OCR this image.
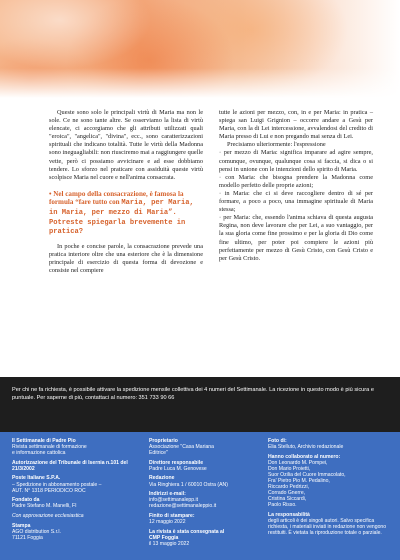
Queste sono solo le principali virtù di Maria ma non le sole. Ce ne sono tante altre. Se osserviamo la lista di virtù elencate, ci accorgiamo che gli attributi utilizzati quali "eroica", "angelica", "divina", ecc., sono caratterizzazioni spirituali che indicano totalità. Tutte le virtù della Madonna sono ineguagliabili: non riusciremo mai a raggiungere quelle vette, però ci possiamo avvicinare e ad esse dobbiamo tendere. Lo sforzo nel praticare con assiduità queste virtù scolpisce Maria nel cuore e nell'anima consacrata.

• Nel campo della consacrazione, è famosa la formula “fare tutto con Maria, per Maria, in Maria, per mezzo di Maria”. Potreste spiegarla brevemente in pratica?

In poche e concise parole, la consacrazione prevede una pratica interiore oltre che una esteriore che è la dimensione principale di esercizio di questa forma di devozione e consiste nel compiere

tutte le azioni per mezzo, con, in e per Maria: in pratica – spiega san Luigi Grignion – occorre andare a Gesù per Maria, con la di Lei intercessione, avvalendosi del credito di Maria presso di Lui e non pregando mai senza di Lei.

Precisiamo ulteriormente: l'espressione

· per mezzo di Maria: significa imparare ad agire sempre, comunque, ovunque, qualunque cosa si faccia, si dica o si pensi in unione con le intenzioni dello spirito di Maria.

· con Maria: che bisogna prendere la Madonna come modello perfetto delle proprie azioni;

· in Maria: che ci si deve raccogliere dentro di sé per formare, a poco a poco, una immagine spirituale di Maria stessa;

· per Maria: che, essendo l'anima schiava di questa augusta Regina, non deve lavorare che per Lei, a suo vantaggio, per la sua gloria come fine prossimo e per la gloria di Dio come fine ultimo, per poter poi compiere le azioni più perfettamente per mezzo di Gesù Cristo, con Gesù Cristo e per Gesù Cristo.

Per chi ne fa richiesta, è possibile attivare la spedizione mensile collettiva dei 4 numeri del Settimanale. La ricezione in questo modo è più sicura e puntuale. Per saperne di più, contattaci al numero: 351 733 90 66
Il Settimanale di Padre Pio
Rivista settimanale di formazione
e informazione cattolica
Autorizzazione del Tribunale di Isernia n.101 del 21/3/2002
Poste Italiane S.P.A.
– Spedizione in abbonamento postale –
AUT. N° 1318 PERIODICO ROC
Fondato da
Padre Stefano M. Manelli, FI
Con approvazione ecclesiastica
Stampa
AGO distribution S.r.l.
71121 Foggia
Proprietario
Associazione "Casa Mariana Editrice"
Direttore responsabile
Padre Luca M. Genovese
Redazione
Via Ringhiera 1 / 60010 Ostra (AN)
Indirizzi e-mail:
info@settimanalepp.it
redazione@settimanaleppio.it
Finito di stampare:
12 maggio 2022
La rivista è stata consegnata al CMP Foggia
il 13 maggio 2022
Foto di:
Elia Stelluto, Archivio redazionale
Hanno collaborato al numero:
Don Leonardo M. Pompei,
Don Mario Proietti,
Suor Ozilia del Cuore Immacolato,
Fra' Pietro Pio M. Pedalino,
Riccardo Pedrizzi,
Corrado Gnerre,
Cristina Siccardi,
Paolo Risso.
La responsabilità
degli articoli è dei singoli autori. Salvo specifica richiesta, i materiali inviati in redazione non vengono restituiti. È vietata la riproduzione totale o parziale.
